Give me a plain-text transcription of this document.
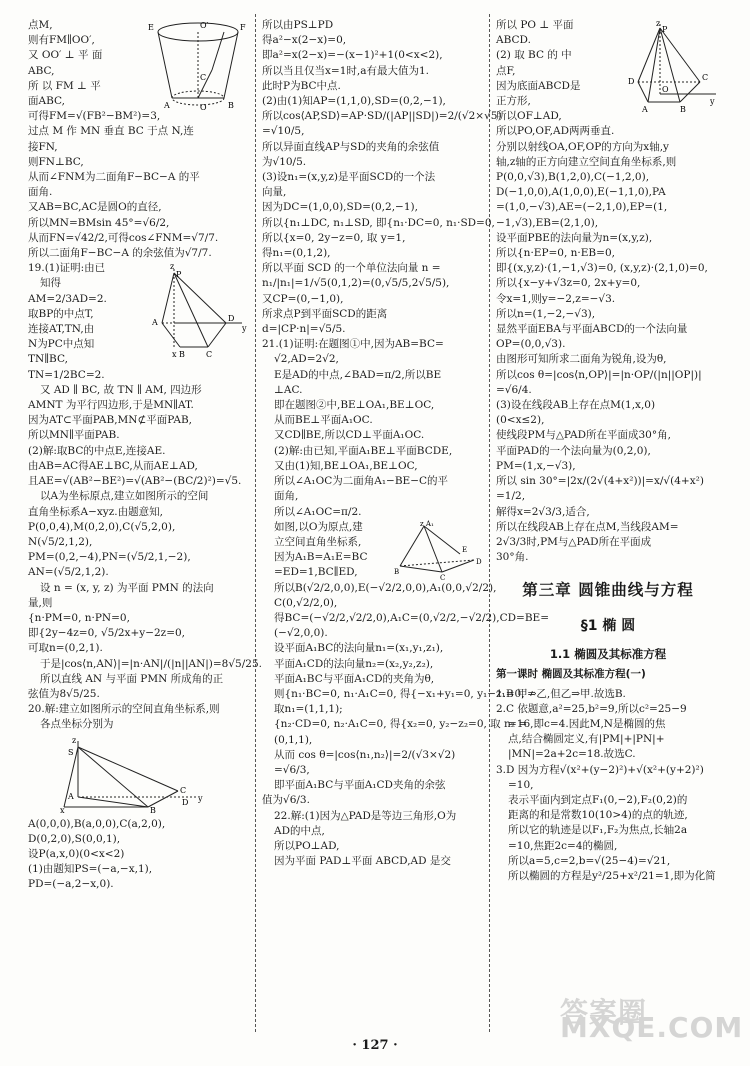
E	F
O′
C
A	B
O
点M,
则有FM∥OO′,
又 OO′ ⊥ 平 面
ABC,
所 以 FM ⊥ 平
面ABC,
可得FM=√(FB²−BM²)=3,
过点 M 作 MN 垂直 BC 于点 N,连
接FN,
则FN⊥BC,
从而∠FNM为二面角F−BC−A 的平
面角.
又AB=BC,AC是圆O的直径,
所以MN=BMsin 45°=√6/2,
从而FN=√42/2,可得cos∠FNM=√7/7.
所以二面角F−BC−A 的余弦值为√7/7.
z
P
A	D
y
x B	C
19.(1)证明:由已
知得
AM=2/3AD=2.
取BP的中点T,
连接AT,TN,由
N为PC中点知
TN∥BC,
TN=1/2BC=2.
又 AD ∥ BC, 故 TN ∥ AM, 四边形
AMNT 为平行四边形,于是MN∥AT.
因为AT⊂平面PAB,MN⊄平面PAB,
所以MN∥平面PAB.
(2)解:取BC的中点E,连接AE.
由AB=AC得AE⊥BC,从而AE⊥AD,
且AE=√(AB²−BE²)=√(AB²−(BC/2)²)=√5.
以A为坐标原点,建立如图所示的空间
直角坐标系A−xyz.由题意知,
P(0,0,4),M(0,2,0),C(√5,2,0),
N(√5/2,1,2),
PM=(0,2,−4),PN=(√5/2,1,−2),
AN=(√5/2,1,2).
设 n = (x, y, z) 为平面 PMN 的法向
量,则
{n·PM=0, n·PN=0,
即{2y−4z=0, √5/2x+y−2z=0,
可取n=(0,2,1).
于是|cos⟨n,AN⟩|=|n·AN|/(|n||AN|)=8√5/25.
所以直线 AN 与平面 PMN 所成角的正
弦值为8√5/25.
20.解:建立如图所示的空间直角坐标系,则
各点坐标分别为
z
S
A
B
C
D y
x
A(0,0,0),B(a,0,0),C(a,2,0),
D(0,2,0),S(0,0,1),
设P(a,x,0)(0<x<2)
(1)由题知PS=(−a,−x,1),
PD=(−a,2−x,0).
所以由PS⊥PD
得a²−x(2−x)=0,
即a²=x(2−x)=−(x−1)²+1(0<x<2),
所以当且仅当x=1时,a有最大值为1.
此时P为BC中点.
(2)由(1)知AP=(1,1,0),SD=(0,2,−1),
所以cos⟨AP,SD⟩=AP·SD/(|AP||SD|)=2/(√2×√5)
=√10/5,
所以异面直线AP与SD的夹角的余弦值
为√10/5.
(3)设n₁=(x,y,z)是平面SCD的一个法
向量,
因为DC=(1,0,0),SD=(0,2,−1),
所以{n₁⊥DC, n₁⊥SD, 即{n₁·DC=0, n₁·SD=0,
所以{x=0, 2y−z=0, 取 y=1,
得n₁=(0,1,2),
所以平面 SCD 的一个单位法向量 n =
n₁/|n₁|=1/√5(0,1,2)=(0,√5/5,2√5/5),
又CP=(0,−1,0),
所求点P到平面SCD的距离
d=|CP·n|=√5/5.
21.(1)证明:在题图①中,因为AB=BC=
√2,AD=2√2,
E是AD的中点,∠BAD=π/2,所以BE
⊥AC.
即在题图②中,BE⊥OA₁,BE⊥OC,
从而BE⊥平面A₁OC.
又CD∥BE,所以CD⊥平面A₁OC.
(2)解:由已知,平面A₁BE⊥平面BCDE,
又由(1)知,BE⊥OA₁,BE⊥OC,
所以∠A₁OC为二面角A₁−BE−C的平
面角,
所以∠A₁OC=π/2.
z A₁
B
C
E
D
如图,以O为原点,建
立空间直角坐标系,
因为A₁B=A₁E=BC
=ED=1,BC∥ED,
所以B(√2/2,0,0),E(−√2/2,0,0),A₁(0,0,√2/2),
C(0,√2/2,0),
得BC=(−√2/2,√2/2,0),A₁C=(0,√2/2,−√2/2),CD=BE=
(−√2,0,0).
设平面A₁BC的法向量n₁=(x₁,y₁,z₁),
平面A₁CD的法向量n₂=(x₂,y₂,z₂),
平面A₁BC与平面A₁CD的夹角为θ,
则{n₁·BC=0, n₁·A₁C=0, 得{−x₁+y₁=0, y₁−z₁=0,
取n₁=(1,1,1);
{n₂·CD=0, n₂·A₁C=0, 得{x₂=0, y₂−z₂=0, 取 n₂ =
(0,1,1),
从而 cos θ=|cos⟨n₁,n₂⟩|=2/(√3×√2)
=√6/3,
即平面A₁BC与平面A₁CD夹角的余弦
值为√6/3.
22.解:(1)因为△PAD是等边三角形,O为
AD的中点,
所以PO⊥AD,
因为平面 PAD⊥平面 ABCD,AD 是交
z
P
D	C
A	B
O
y
所以 PO ⊥ 平面
ABCD.
(2) 取 BC 的 中
点F,
因为底面ABCD是
正方形,
所以OF⊥AD,
所以PO,OF,AD两两垂直.
分别以射线OA,OF,OP的方向为x轴,y
轴,z轴的正方向建立空间直角坐标系,则
P(0,0,√3),B(1,2,0),C(−1,2,0),
D(−1,0,0),A(1,0,0),E(−1,1,0),PA
=(1,0,−√3),AE=(−2,1,0),EP=(1,
−1,√3),EB=(2,1,0),
设平面PBE的法向量为n=(x,y,z),
所以{n·EP=0, n·EB=0,
即{(x,y,z)·(1,−1,√3)=0, (x,y,z)·(2,1,0)=0,
所以{x−y+√3z=0, 2x+y=0,
令x=1,则y=−2,z=−√3.
所以n=(1,−2,−√3),
显然平面EBA与平面ABCD的一个法向量
OP=(0,0,√3).
由图形可知所求二面角为锐角,设为θ,
所以cos θ=|cos⟨n,OP⟩|=|n·OP/(|n||OP|)|
=√6/4.
(3)设在线段AB上存在点M(1,x,0)
(0<x≤2),
使线段PM与△PAD所在平面成30°角,
平面PAD的一个法向量为(0,2,0),
PM=(1,x,−√3),
所以 sin 30°=|2x/(2√(4+x²))|=x/√(4+x²)
=1/2,
解得x=2√3/3,适合,
所以在线段AB上存在点M,当线段AM=
2√3/3时,PM与△PAD所在平面成
30°角.
第三章 圆锥曲线与方程
§1 椭 圆
1.1 椭圆及其标准方程
第一课时 椭圆及其标准方程(一)
1.B 甲⇏乙,但乙⇒甲.故选B.
2.C 依题意,a²=25,b²=9,所以c²=25−9
=16,即c=4.因此M,N是椭圆的焦
点,结合椭圆定义,有|PM|+|PN|+
|MN|=2a+2c=18.故选C.
3.D 因为方程√(x²+(y−2)²)+√(x²+(y+2)²)
=10,
表示平面内到定点F₁(0,−2),F₂(0,2)的
距离的和是常数10(10>4)的点的轨迹,
所以它的轨迹是以F₁,F₂为焦点,长轴2a
=10,焦距2c=4的椭圆,
所以a=5,c=2,b=√(25−4)=√21,
所以椭圆的方程是y²/25+x²/21=1,即为化简
· 127 ·
答案圈 MXQE.COM
